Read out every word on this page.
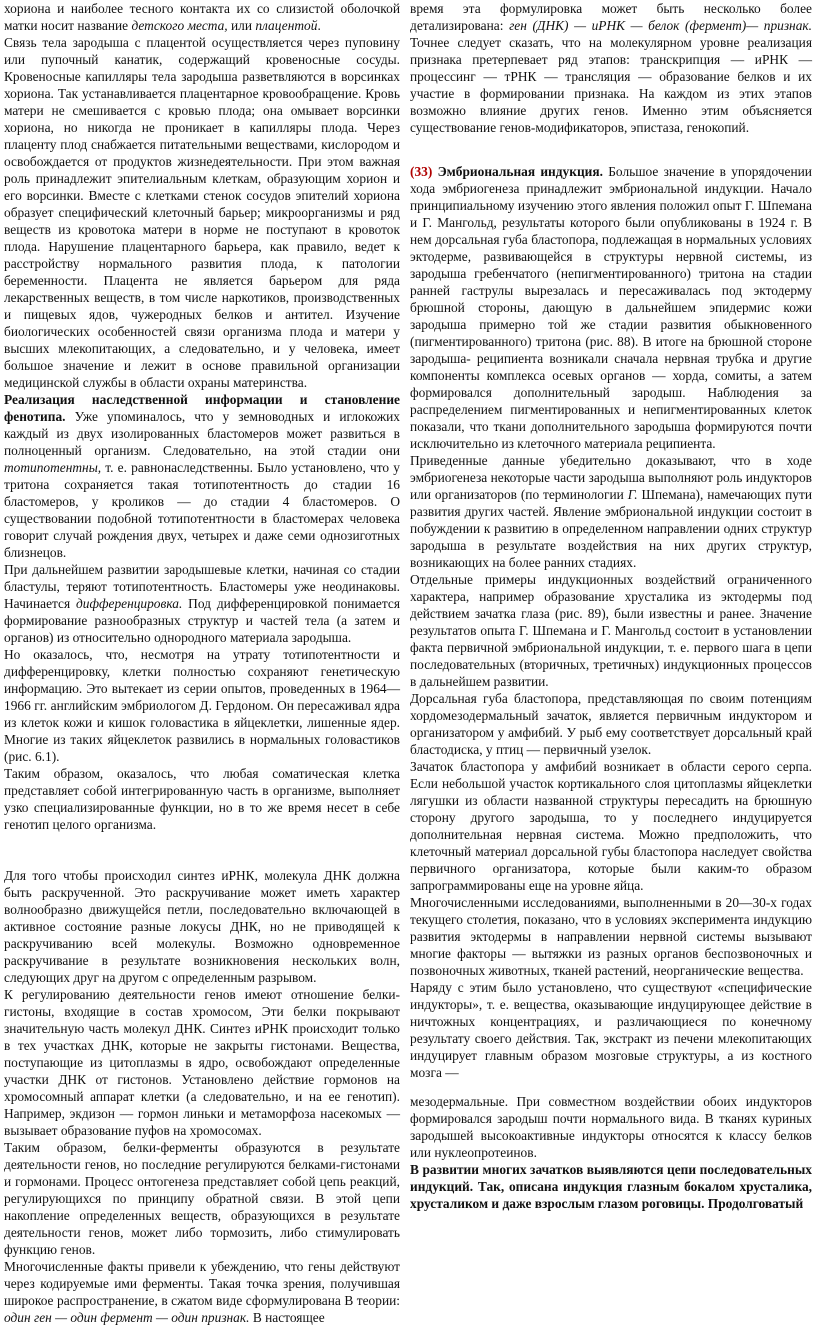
хориона и наиболее тесного контакта их со слизистой оболочкой матки носит название детского места, или плацентой.

Связь тела зародыша с плацентой осуществляется через пуповину или пупочный канатик, содержащий кровеносные сосуды. Кровеносные капилляры тела зародыша разветвляются в ворсинках хориона. Так устанавливается плацентарное кровообращение. Кровь матери не смешивается с кровью плода; она омывает ворсинки хориона, но никогда не проникает в капилляры плода. Через плаценту плод снабжается питательными веществами, кислородом и освобождается от продуктов жизнедеятельности. При этом важная роль принадлежит эпителиальным клеткам, образующим хорион и его ворсинки. Вместе с клетками стенок сосудов эпителий хориона образует специфический клеточный барьер; микроорганизмы и ряд веществ из кровотока матери в норме не поступают в кровоток плода. Нарушение плацентарного барьера, как правило, ведет к расстройству нормального развития плода, к патологии беременности. Плацента не является барьером для ряда лекарственных веществ, в том числе наркотиков, производственных и пищевых ядов, чужеродных белков и антител. Изучение биологических особенностей связи организма плода и матери у высших млекопитающих, а следовательно, и у человека, имеет большое значение и лежит в основе правильной организации медицинской службы в области охраны материнства.

Реализация наследственной информации и становление фенотипа. Уже упоминалось, что у земноводных и иглокожих каждый из двух изолированных бластомеров может развиться в полноценный организм. Следовательно, на этой стадии они тотипотентны, т. е. равнонаследственны. Было установлено, что у тритона сохраняется такая тотипотентность до стадии 16 бластомеров, у кроликов — до стадии 4 бластомеров. О существовании подобной тотипотентности в бластомерах человека говорит случай рождения двух, четырех и даже семи однозиготных близнецов.

При дальнейшем развитии зародышевые клетки, начиная со стадии бластулы, теряют тотипотентность. Бластомеры уже неодинаковы. Начинается дифференцировка. Под дифференцировкой понимается формирование разнообразных структур и частей тела (а затем и органов) из относительно однородного материала зародыша.

Но оказалось, что, несмотря на утрату тотипотентности и дифференцировку, клетки полностью сохраняют генетическую информацию. Это вытекает из серии опытов, проведенных в 1964—1966 гг. английским эмбриологом Д. Гердоном. Он пересаживал ядра из клеток кожи и кишок головастика в яйцеклетки, лишенные ядер. Многие из таких яйцеклеток развились в нормальных головастиков (рис. 6.1).

Таким образом, оказалось, что любая соматическая клетка представляет собой интегрированную часть в организме, выполняет узко специализированные функции, но в то же время несет в себе генотип целого организма.

Для того чтобы происходил синтез иРНК, молекула ДНК должна быть раскрученной. Это раскручивание может иметь характер волнообразно движущейся петли, последовательно включающей в активное состояние разные локусы ДНК, но не приводящей к раскручиванию всей молекулы. Возможно одновременное раскручивание в результате возникновения нескольких волн, следующих друг на другом с определенным разрывом.

К регулированию деятельности генов имеют отношение белки-гистоны, входящие в состав хромосом, Эти белки покрывают значительную часть молекул ДНК. Синтез иРНК происходит только в тех участках ДНК, которые не закрыты гистонами. Вещества, поступающие из цитоплазмы в ядро, освобождают определенные участки ДНК от гистонов. Установлено действие гормонов на хромосомный аппарат клетки (а следовательно, и на ее генотип). Например, экдизон — гормон линьки и метаморфоза насекомых — вызывает образование пуфов на хромосомах.

Таким образом, белки-ферменты образуются в результате деятельности генов, но последние регулируются белками-гистонами и гормонами. Процесс онтогенеза представляет собой цепь реакций, регулирующихся по принципу обратной связи. В этой цепи накопление определенных веществ, образующихся в результате деятельности генов, может либо тормозить, либо стимулировать функцию генов.

Многочисленные факты привели к убеждению, что гены действуют через кодируемые ими ферменты. Такая точка зрения, получившая широкое распространение, в сжатом виде сформулирована В теории: один ген — один фермент — один признак. В настоящее

время эта формулировка может быть несколько более детализирована: ген (ДНК) — иРНК — белок (фермент)— признак. Точнее следует сказать, что на молекулярном уровне реализация признака претерпевает ряд этапов: транскрипция — иРНК — процессинг — тРНК — трансляция — образование белков и их участие в формировании признака. На каждом из этих этапов возможно влияние других генов. Именно этим объясняется существование генов-модификаторов, эпистаза, генокопий.

(33) Эмбриональная индукция. Большое значение в упорядочении хода эмбриогенеза принадлежит эмбриональной индукции. Начало принципиальному изучению этого явления положил опыт Г. Шпемана и Г. Мангольд, результаты которого были опубликованы в 1924 г. В нем дорсальная губа бластопора, подлежащая в нормальных условиях эктодерме, развивающейся в структуры нервной системы, из зародыша гребенчатого (непигментированного) тритона на стадии ранней гаструлы вырезалась и пересаживалась под эктодерму брюшной стороны, дающую в дальнейшем эпидермис кожи зародыша примерно той же стадии развития обыкновенного (пигментированного) тритона (рис. 88). В итоге на брюшной стороне зародыша- реципиента возникали сначала нервная трубка и другие компоненты комплекса осевых органов — хорда, сомиты, а затем формировался дополнительный зародыш. Наблюдения за распределением пигментированных и непигментированных клеток показали, что ткани дополнительного зародыша формируются почти исключительно из клеточного материала реципиента.

Приведенные данные убедительно доказывают, что в ходе эмбриогенеза некоторые части зародыша выполняют роль индукторов или организаторов (по терминологии Г. Шпемана), намечающих пути развития других частей. Явление эмбриональной индукции состоит в побуждении к развитию в определенном направлении одних структур зародыша в результате воздействия на них других структур, возникающих на более ранних стадиях.

Отдельные примеры индукционных воздействий ограниченного характера, например образование хрусталика из эктодермы под действием зачатка глаза (рис. 89), были известны и ранее. Значение результатов опыта Г. Шпемана и Г. Мангольд состоит в установлении факта первичной эмбриональной индукции, т. е. первого шага в цепи последовательных (вторичных, третичных) индукционных процессов в дальнейшем развитии.

Дорсальная губа бластопора, представляющая по своим потенциям хордомезодермальный зачаток, является первичным индуктором и организатором у амфибий. У рыб ему соответствует дорсальный край бластодиска, у птиц — первичный узелок.

Зачаток бластопора у амфибий возникает в области серого серпа. Если небольшой участок кортикального слоя цитоплазмы яйцеклетки лягушки из области названной структуры пересадить на брюшную сторону другого зародыша, то у последнего индуцируется дополнительная нервная система. Можно предположить, что клеточный материал дорсальной губы бластопора наследует свойства первичного организатора, которые были каким-то образом запрограммированы еще на уровне яйца.

Многочисленными исследованиями, выполненными в 20—30-х годах текущего столетия, показано, что в условиях эксперимента индукцию развития эктодермы в направлении нервной системы вызывают многие факторы — вытяжки из разных органов беспозвоночных и позвоночных животных, тканей растений, неорганические вещества.

Наряду с этим было установлено, что существуют «специфические индукторы», т. е. вещества, оказывающие индуцирующее действие в ничтожных концентрациях, и различающиеся по конечному результату своего действия. Так, экстракт из печени млекопитающих индуцирует главным образом мозговые структуры, а из костного мозга —

мезодермальные. При совместном воздействии обоих индукторов формировался зародыш почти нормального вида. В тканях куриных зародышей высокоактивные индукторы относятся к классу белков или нуклеопротеинов.

В развитии многих зачатков выявляются цепи последовательных индукций. Так, описана индукция глазным бокалом хрусталика, хрусталиком и даже взрослым глазом роговицы. Продолговатый
